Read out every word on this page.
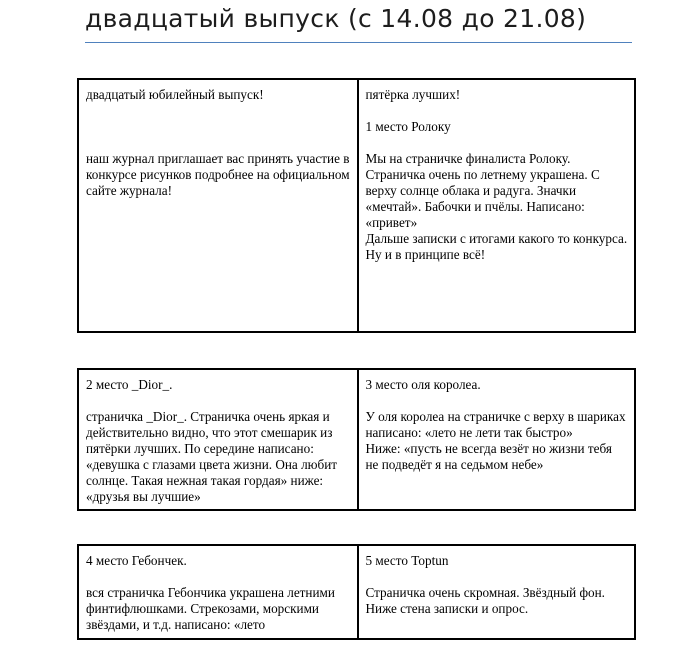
двадцатый выпуск (с 14.08 до 21.08)

двадцатый юбилейный выпуск!

наш журнал приглашает вас принять участие в конкурсе рисунков подробнее на официальном сайте журнала!

пятёрка лучших!

1 место Ролоку

Мы на страничке финалиста Ролоку. Страничка очень по летнему украшена. С верху солнце облака и радуга. Значки «мечтай». Бабочки и пчёлы. Написано: «привет»
Дальше записки с итогами какого то конкурса. Ну и в принципе всё!

2 место _Dior_.

страничка _Dior_. Страничка очень яркая и действительно видно, что этот смешарик из пятёрки лучших. По середине написано: «девушка с глазами цвета жизни. Она любит солнце. Такая нежная такая гордая» ниже: «друзья вы лучшие»

3 место оля королеа.

У оля королеа на страничке с верху в шариках написано: «лето не лети так быстро»
Ниже: «пусть не всегда везёт но жизни тебя не подведёт я на седьмом небе»

4 место Гебончек.

вся страничка Гебончика украшена летними финтифлюшками. Стрекозами, морскими звёздами, и т.д. написано: «лето

5 место Toptun

Страничка очень скромная. Звёздный фон. Ниже стена записки и опрос.
